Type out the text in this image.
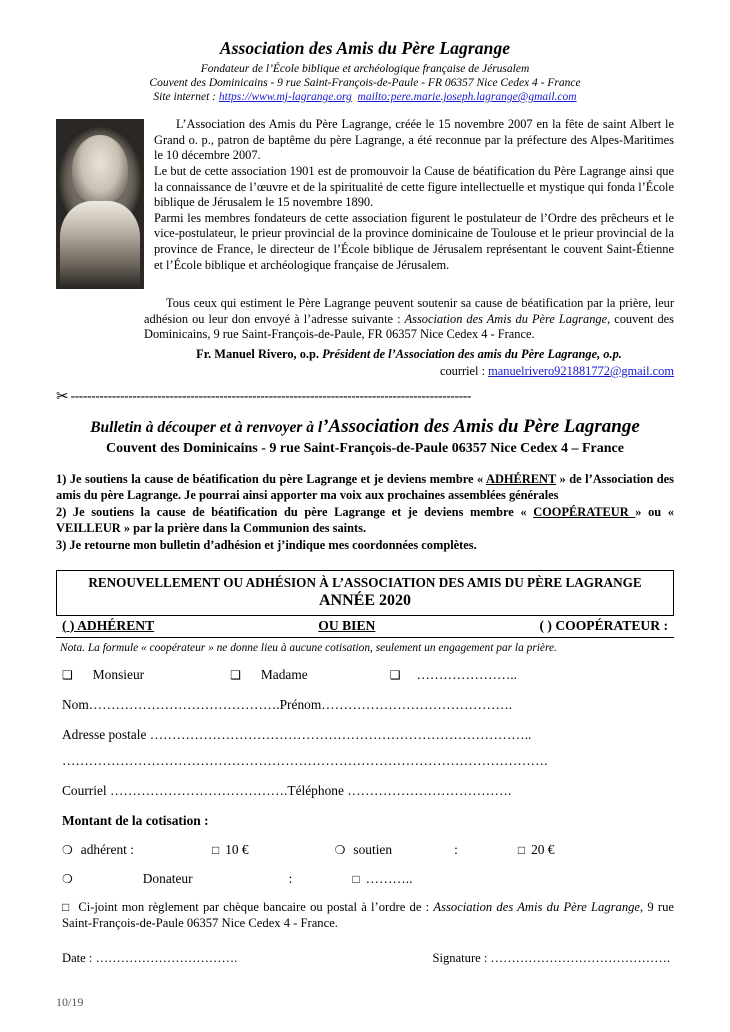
Association des Amis du Père Lagrange
Fondateur de l’École biblique et archéologique française de Jérusalem
Couvent des Dominicains - 9 rue Saint-François-de-Paule - FR 06357 Nice Cedex 4 - France
Site internet : https://www.mj-lagrange.org mailto:pere.marie.joseph.lagrange@gmail.com

L’Association des Amis du Père Lagrange, créée le 15 novembre 2007 en la fête de saint Albert le Grand o. p., patron de baptême du père Lagrange, a été reconnue par la préfecture des Alpes-Maritimes le 10 décembre 2007.

Le but de cette association 1901 est de promouvoir la Cause de béatification du Père Lagrange ainsi que la connaissance de l’œuvre et de la spiritualité de cette figure intellectuelle et mystique qui fonda l’École biblique de Jérusalem le 15 novembre 1890.

Parmi les membres fondateurs de cette association figurent le postulateur de l’Ordre des prêcheurs et le vice-postulateur, le prieur provincial de la province dominicaine de Toulouse et le prieur provincial de la province de France, le directeur de l’École biblique de Jérusalem représentant le couvent Saint-Étienne et l’École biblique et archéologique française de Jérusalem.

Tous ceux qui estiment le Père Lagrange peuvent soutenir sa cause de béatification par la prière, leur adhésion ou leur don envoyé à l’adresse suivante : Association des Amis du Père Lagrange, couvent des Dominicains, 9 rue Saint-François-de-Paule, FR 06357 Nice Cedex 4 - France.
Fr. Manuel Rivero, o.p. Président de l’Association des amis du Père Lagrange, o.p.
courriel : manuelrivero921881772@gmail.com
✂ -------------------------------------------------------------------------------------------------
Bulletin à découper et à renvoyer à l’Association des Amis du Père Lagrange
Couvent des Dominicains - 9 rue Saint-François-de-Paule 06357 Nice Cedex 4 – France

1) Je soutiens la cause de béatification du père Lagrange et je deviens membre « ADHÉRENT » de l’Association des amis du père Lagrange. Je pourrai ainsi apporter ma voix aux prochaines assemblées générales

2) Je soutiens la cause de béatification du père Lagrange et je deviens membre « COOPÉRATEUR » ou « VEILLEUR » par la prière dans la Communion des saints.

3) Je retourne mon bulletin d’adhésion et j’indique mes coordonnées complètes.

RENOUVELLEMENT OU ADHÉSION À L’ASSOCIATION DES AMIS DU PÈRE LAGRANGE
ANNÉE 2020
( ) ADHÉRENT	OU BIEN	( ) COOPÉRATEUR :
Nota. La formule « coopérateur » ne donne lieu à aucune cotisation, seulement un engagement par la prière.
❑ Monsieur	❑ Madame	❑ …………………..
Nom…………………………………….Prénom…………………………………….
Adresse postale …………………………………………………………………………..
……………………………………………………………………………………………….
Courriel ………………………………….Téléphone ……………………………….
Montant de la cotisation :
❍ adhérent :	□ 10 €	❍ soutien	:	□ 20 €
❍	Donateur	:	□ ………..
□ Ci-joint mon règlement par chèque bancaire ou postal à l’ordre de : Association des Amis du Père Lagrange, 9 rue Saint-François-de-Paule 06357 Nice Cedex 4 - France.
Date : …………………………….	Signature : …………………………………….
10/19
